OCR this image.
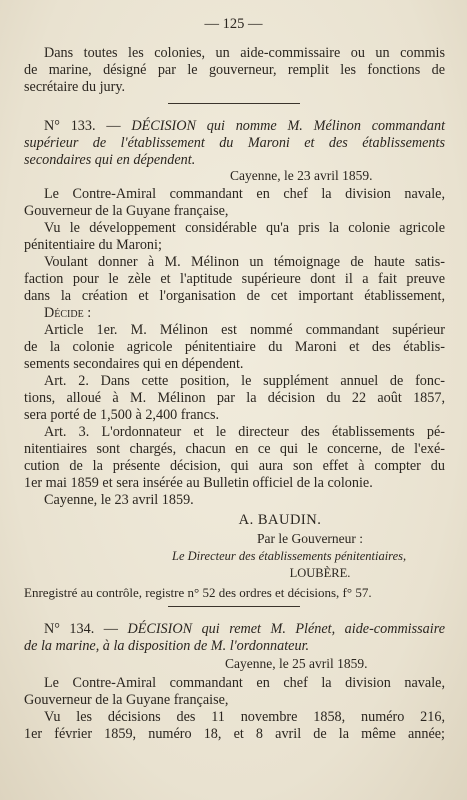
— 125 —
Dans toutes les colonies, un aide-commissaire ou un commis
de marine, désigné par le gouverneur, remplit les fonctions de
secrétaire du jury.
N° 133. — DÉCISION qui nomme M. Mélinon commandant
supérieur de l'établissement du Maroni et des établissements
secondaires qui en dépendent.
Cayenne, le 23 avril 1859.
Le Contre-Amiral commandant en chef la division navale,
Gouverneur de la Guyane française,
Vu le développement considérable qu'a pris la colonie agricole
pénitentiaire du Maroni;
Voulant donner à M. Mélinon un témoignage de haute satis-
faction pour le zèle et l'aptitude supérieure dont il a fait preuve
dans la création et l'organisation de cet important établissement,
Décide :
Article 1er. M. Mélinon est nommé commandant supérieur
de la colonie agricole pénitentiaire du Maroni et des établis-
sements secondaires qui en dépendent.
Art. 2. Dans cette position, le supplément annuel de fonc-
tions, alloué à M. Mélinon par la décision du 22 août 1857,
sera porté de 1,500 à 2,400 francs.
Art. 3. L'ordonnateur et le directeur des établissements pé-
nitentiaires sont chargés, chacun en ce qui le concerne, de l'exé-
cution de la présente décision, qui aura son effet à compter du
1er mai 1859 et sera insérée au Bulletin officiel de la colonie.
Cayenne, le 23 avril 1859.
A. BAUDIN.
Par le Gouverneur :
Le Directeur des établissements pénitentiaires,
LOUBÈRE.
Enregistré au contrôle, registre n° 52 des ordres et décisions, f° 57.
N° 134. — DÉCISION qui remet M. Plénet, aide-commissaire
de la marine, à la disposition de M. l'ordonnateur.
Cayenne, le 25 avril 1859.
Le Contre-Amiral commandant en chef la division navale,
Gouverneur de la Guyane française,
Vu les décisions des 11 novembre 1858, numéro 216,
1er février 1859, numéro 18, et 8 avril de la même année;
